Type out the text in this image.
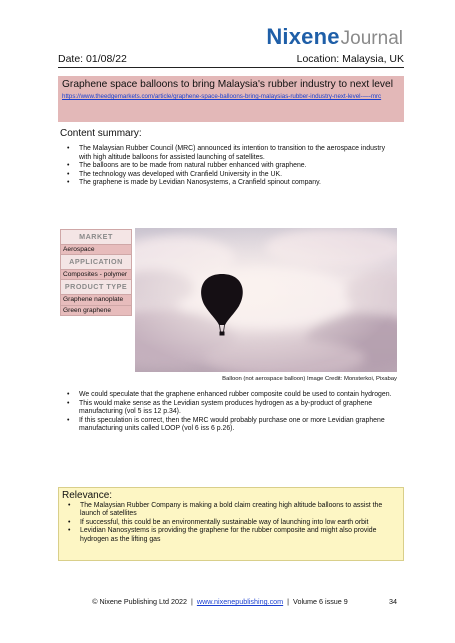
NixeneJournal
Date: 01/08/22	Location: Malaysia, UK
Graphene space balloons to bring Malaysia's rubber industry to next level
https://www.theedgemarkets.com/article/graphene-space-balloons-bring-malaysias-rubber-industry-next-level-—-mrc
Content summary:
• The Malaysian Rubber Council (MRC) announced its intention to transition to the aerospace industry with high altitude balloons for assisted launching of satellites.
• The balloons are to be made from natural rubber enhanced with graphene.
• The technology was developed with Cranfield University in the UK.
• The graphene is made by Levidian Nanosystems, a Cranfield spinout company.
MARKET
Aerospace
APPLICATION
Composites - polymer
PRODUCT TYPE
Graphene nanoplate
Green graphene
Balloon (not aerospace balloon) Image Credit: Monsterkoi, Pixabay
• We could speculate that the graphene enhanced rubber composite could be used to contain hydrogen.
• This would make sense as the Levidian system produces hydrogen as a by-product of graphene manufacturing (vol 5 iss 12 p.34).
• If this speculation is correct, then the MRC would probably purchase one or more Levidian graphene manufacturing units called LOOP (vol 6 iss 6 p.26).
Relevance:
• The Malaysian Rubber Company is making a bold claim creating high altitude balloons to assist the launch of satellites
• If successful, this could be an environmentally sustainable way of launching into low earth orbit
• Levidian Nanosystems is providing the graphene for the rubber composite and might also provide hydrogen as the lifting gas
© Nixene Publishing Ltd 2022 | www.nixenepublishing.com | Volume 6 issue 9	34
